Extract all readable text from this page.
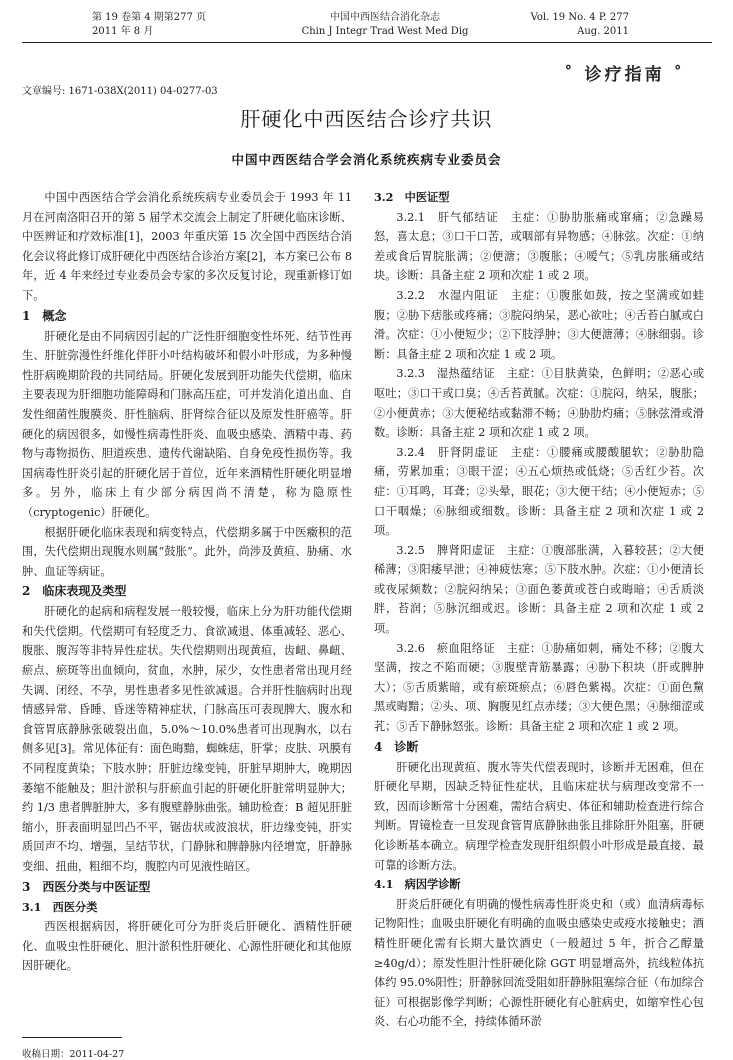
第 19 卷第 4 期第277 页
2011 年 8 月
中国中西医结合消化杂志
Chin J Integr Trad West Med Dig
Vol. 19 No. 4 P. 277
Aug. 2011
˚ 诊疗指南 ˚
文章编号: 1671-038X(2011) 04-0277-03
肝硬化中西医结合诊疗共识
中国中西医结合学会消化系统疾病专业委员会

中国中西医结合学会消化系统疾病专业委员会于 1993 年 11 月在河南洛阳召开的第 5 届学术交流会上制定了肝硬化临床诊断、中医辨证和疗效标准[1]，2003 年重庆第 15 次全国中西医结合消化会议将此修订成肝硬化中西医结合诊治方案[2]，本方案已公布 8 年，近 4 年来经过专业委员会专家的多次反复讨论，现重新修订如下。

1　概念

肝硬化是由不同病因引起的广泛性肝细胞变性坏死、结节性再生、肝脏弥漫性纤维化伴肝小叶结构破坏和假小叶形成，为多种慢性肝病晚期阶段的共同结局。肝硬化发展到肝功能失代偿期，临床主要表现为肝细胞功能障碍和门脉高压症，可并发消化道出血、自发性细菌性腹膜炎、肝性脑病、肝肾综合征以及原发性肝癌等。肝硬化的病因很多，如慢性病毒性肝炎、血吸虫感染、酒精中毒、药物与毒物损伤、胆道疾患、遗传代谢缺陷、自身免疫性损伤等。我国病毒性肝炎引起的肝硬化居于首位，近年来酒精性肝硬化明显增多。另外，临床上有少部分病因尚不清楚，称为隐原性（cryptogenic）肝硬化。

根据肝硬化临床表现和病变特点，代偿期多属于中医癥积的范围，失代偿期出现腹水则属“鼓胀”。此外，尚涉及黄疸、胁痛、水肿、血证等病证。

2　临床表现及类型

肝硬化的起病和病程发展一般较慢，临床上分为肝功能代偿期和失代偿期。代偿期可有轻度乏力、食欲减退、体重减轻、恶心、腹胀、腹泻等非特异性症状。失代偿期则出现黄疸，齿衄、鼻衄、瘀点、瘀斑等出血倾向，贫血，水肿，尿少，女性患者常出现月经失调、闭经、不孕，男性患者多见性欲减退。合并肝性脑病时出现情感异常、昏睡、昏迷等精神症状，门脉高压可表现脾大、腹水和食管胃底静脉张破裂出血，5.0%～10.0%患者可出现胸水，以右侧多见[3]。常见体征有：面色晦黯，蜘蛛痣，肝掌；皮肤、巩膜有不同程度黄染；下肢水肿；肝脏边缘变钝，肝脏早期肿大，晚期因萎缩不能触及；胆汁淤积与肝瘀血引起的肝硬化肝脏常明显肿大；约 1/3 患者脾脏肿大，多有腹壁静脉曲张。辅助检查：B 超见肝脏缩小，肝表面明显凹凸不平，锯齿状或波浪状，肝边缘变钝，肝实质回声不均、增强，呈结节状，门静脉和脾静脉内径增宽，肝静脉变细、扭曲，粗细不均，腹腔内可见液性暗区。

3　西医分类与中医证型

3.1　西医分类

西医根据病因，将肝硬化可分为肝炎后肝硬化、酒精性肝硬化、血吸虫性肝硬化、胆汁淤积性肝硬化、心源性肝硬化和其他原因肝硬化。

3.2　中医证型

3.2.1　肝气郁结证　主症：①胁肋胀痛或窜痛；②急躁易怒，喜太息；③口干口苦，或咽部有异物感；④脉弦。次症：①纳差或食后胃脘胀满；②便溏；③腹胀；④嗳气；⑤乳房胀痛或结块。诊断：具备主症 2 项和次症 1 或 2 项。

3.2.2　水湿内阻证　主症：①腹胀如鼓，按之坚满或如蛙腹；②胁下痞胀或疼痛；③脘闷纳呆，恶心欲吐；④舌苔白腻或白滑。次症：①小便短少；②下肢浮肿；③大便溏薄；④脉细弱。诊断：具备主症 2 项和次症 1 或 2 项。

3.2.3　湿热蕴结证　主症：①目肤黄染，色鲜明；②恶心或呕吐；③口干或口臭；④舌苔黄腻。次症：①脘闷，纳呆，腹胀；②小便黄赤；③大便秘结或黏滞不畅；④胁肋灼痛；⑤脉弦滑或滑数。诊断：具备主症 2 项和次症 1 或 2 项。

3.2.4　肝肾阴虚证　主症：①腰痛或腰酸腿软；②胁肋隐痛，劳累加重；③眼干涩；④五心烦热或低烧；⑤舌红少苔。次症：①耳鸣，耳聋；②头晕，眼花；③大便干结；④小便短赤；⑤口干咽燥；⑥脉细或细数。诊断：具备主症 2 项和次症 1 或 2 项。

3.2.5　脾肾阳虚证　主症：①腹部胀满，入暮较甚；②大便稀薄；③阳痿早泄；④神疲怯寒；⑤下肢水肿。次症：①小便清长或夜尿频数；②脘闷纳呆；③面色萎黄或苍白或晦暗；④舌质淡胖，苔润；⑤脉沉细或迟。诊断：具备主症 2 项和次症 1 或 2 项。

3.2.6　瘀血阻络证　主症：①胁痛如刺，痛处不移；②腹大坚满，按之不陷而硬；③腹壁青筋暴露；④胁下积块（肝或脾肿大）；⑤舌质紫暗，或有瘀斑瘀点；⑥唇色紫褐。次症：①面色黧黑或晦黯；②头、项、胸腹见红点赤缕；③大便色黑；④脉细涩或芤；⑤舌下静脉怒张。诊断：具备主症 2 项和次症 1 或 2 项。

4　诊断

肝硬化出现黄疸、腹水等失代偿表现时，诊断并无困难，但在肝硬化早期，因缺乏特征性症状，且临床症状与病理改变常不一致，因而诊断常十分困难，需结合病史、体征和辅助检查进行综合判断。胃镜检查一旦发现食管胃底静脉曲张且排除肝外阻塞，肝硬化诊断基本确立。病理学检查发现肝组织假小叶形成是最直接、最可靠的诊断方法。

4.1　病因学诊断

肝炎后肝硬化有明确的慢性病毒性肝炎史和（或）血清病毒标记物阳性；血吸虫肝硬化有明确的血吸虫感染史或疫水接触史；酒精性肝硬化需有长期大量饮酒史（一般超过 5 年，折合乙醇量≥40g/d）；原发性胆汁性肝硬化除 GGT 明显增高外，抗线粒体抗体约 95.0%阳性；肝静脉回流受阻如肝静脉阻塞综合征（布加综合征）可根据影像学判断；心源性肝硬化有心脏病史，如缩窄性心包炎、右心功能不全，持续体循环淤

收稿日期：2011-04-27
